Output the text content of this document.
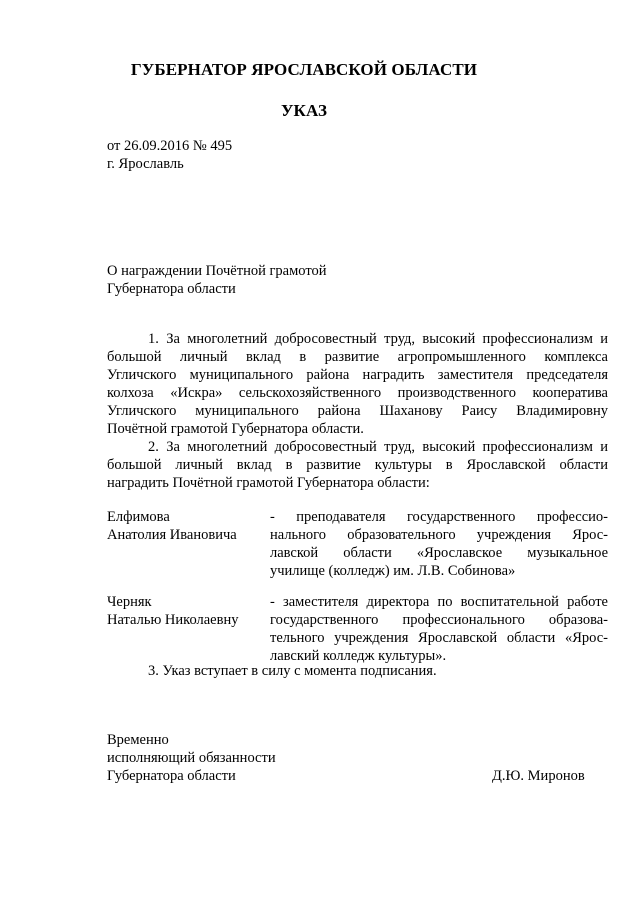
ГУБЕРНАТОР ЯРОСЛАВСКОЙ ОБЛАСТИ
УКАЗ
от 26.09.2016 № 495
г. Ярославль
О награждении Почётной грамотой
Губернатора области
1. За многолетний добросовестный труд, высокий профессионализм и
большой личный вклад в развитие агропромышленного комплекса
Угличского муниципального района наградить заместителя председателя
колхоза «Искра» сельскохозяйственного производственного кооператива
Угличского муниципального района Шаханову Раису Владимировну
Почётной грамотой Губернатора области.
2. За многолетний добросовестный труд, высокий профессионализм и
большой личный вклад в развитие культуры в Ярославской области
наградить Почётной грамотой Губернатора области:
Елфимова
Анатолия Ивановича
- преподавателя государственного профессио-
нального образовательного учреждения Ярос-
лавской области «Ярославское музыкальное
училище (колледж) им. Л.В. Собинова»
Черняк
Наталью Николаевну
- заместителя директора по воспитательной работе
государственного профессионального образова-
тельного учреждения Ярославской области «Ярос-
лавский колледж культуры».
3. Указ вступает в силу с момента подписания.
Временно
исполняющий обязанности
Губернатора области	Д.Ю. Миронов
